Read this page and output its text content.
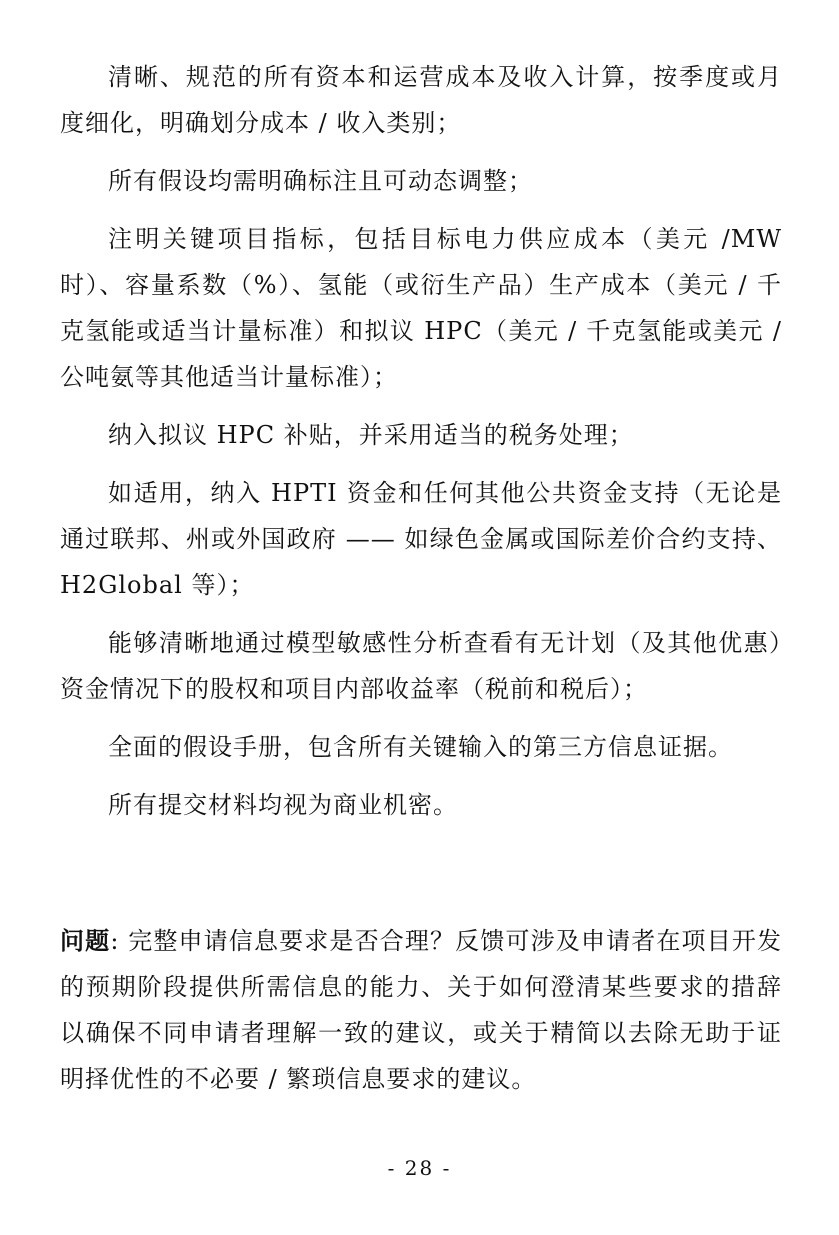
清晰、规范的所有资本和运营成本及收入计算，按季度或月度细化，明确划分成本 / 收入类别；

所有假设均需明确标注且可动态调整；

注明关键项目指标，包括目标电力供应成本（美元 /MW时）、容量系数（%）、氢能（或衍生产品）生产成本（美元 / 千克氢能或适当计量标准）和拟议 HPC（美元 / 千克氢能或美元 / 公吨氨等其他适当计量标准）；

纳入拟议 HPC 补贴，并采用适当的税务处理；

如适用，纳入 HPTI 资金和任何其他公共资金支持（无论是通过联邦、州或外国政府 —— 如绿色金属或国际差价合约支持、H2Global 等）；

能够清晰地通过模型敏感性分析查看有无计划（及其他优惠）资金情况下的股权和项目内部收益率（税前和税后）；

全面的假设手册，包含所有关键输入的第三方信息证据。

所有提交材料均视为商业机密。

问题: 完整申请信息要求是否合理？反馈可涉及申请者在项目开发的预期阶段提供所需信息的能力、关于如何澄清某些要求的措辞以确保不同申请者理解一致的建议，或关于精简以去除无助于证明择优性的不必要 / 繁琐信息要求的建议。

- 28 -
